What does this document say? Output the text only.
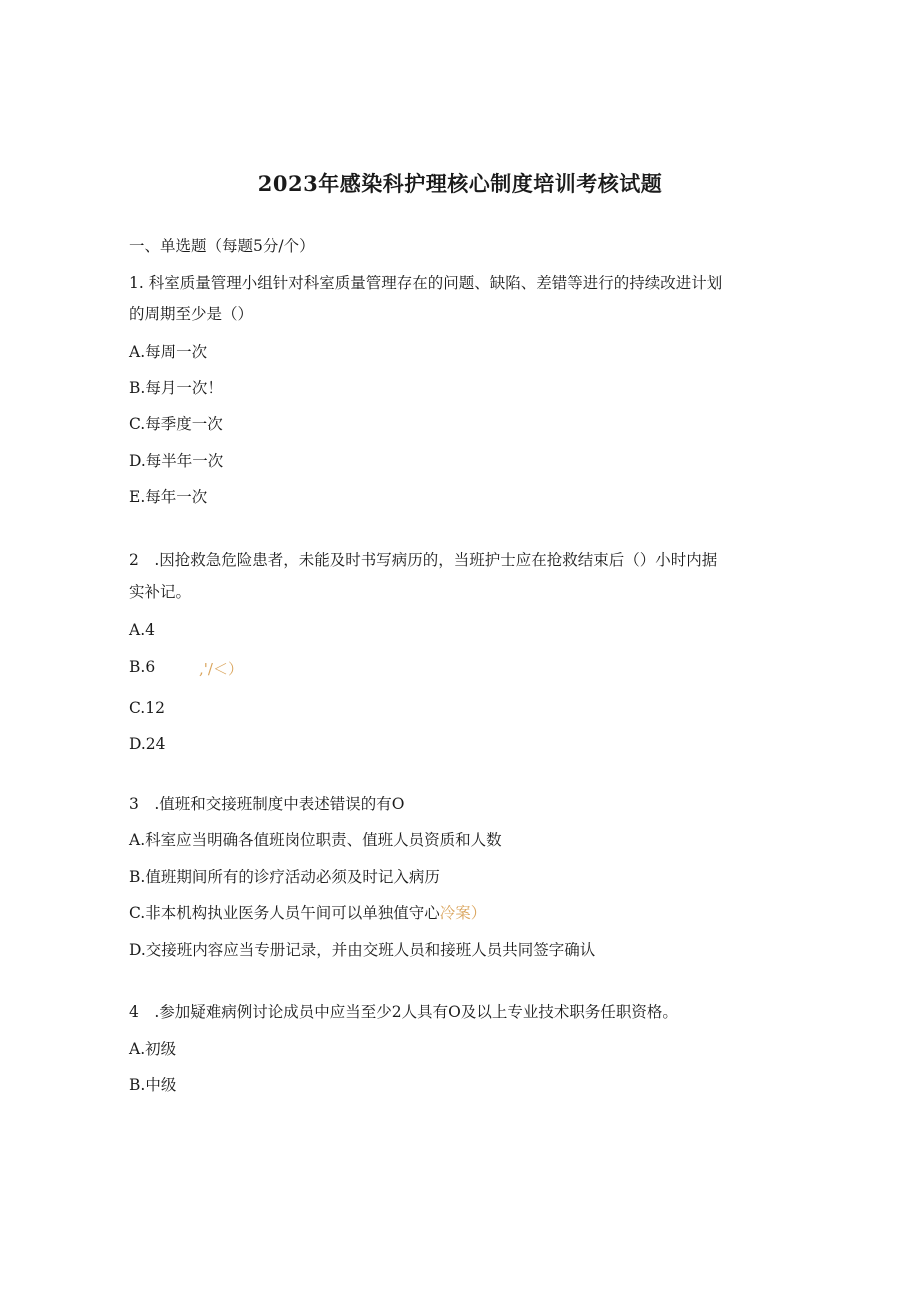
2023年感染科护理核心制度培训考核试题
一、单选题（每题5分/个）
1. 科室质量管理小组针对科室质量管理存在的问题、缺陷、差错等进行的持续改进计划
的周期至少是（）
A.每周一次
B.每月一次！
C.每季度一次
D.每半年一次
E.每年一次
2　.因抢救急危险患者，未能及时书写病历的，当班护士应在抢救结束后（）小时内据
实补记。
A.4
B.6	,'/＜）
C.12
D.24
3　.值班和交接班制度中表述错误的有O
A.科室应当明确各值班岗位职责、值班人员资质和人数
B.值班期间所有的诊疗活动必须及时记入病历
C.非本机构执业医务人员午间可以单独值守心冷案）
D.交接班内容应当专册记录，并由交班人员和接班人员共同签字确认
4　.参加疑难病例讨论成员中应当至少2人具有O及以上专业技术职务任职资格。
A.初级
B.中级
